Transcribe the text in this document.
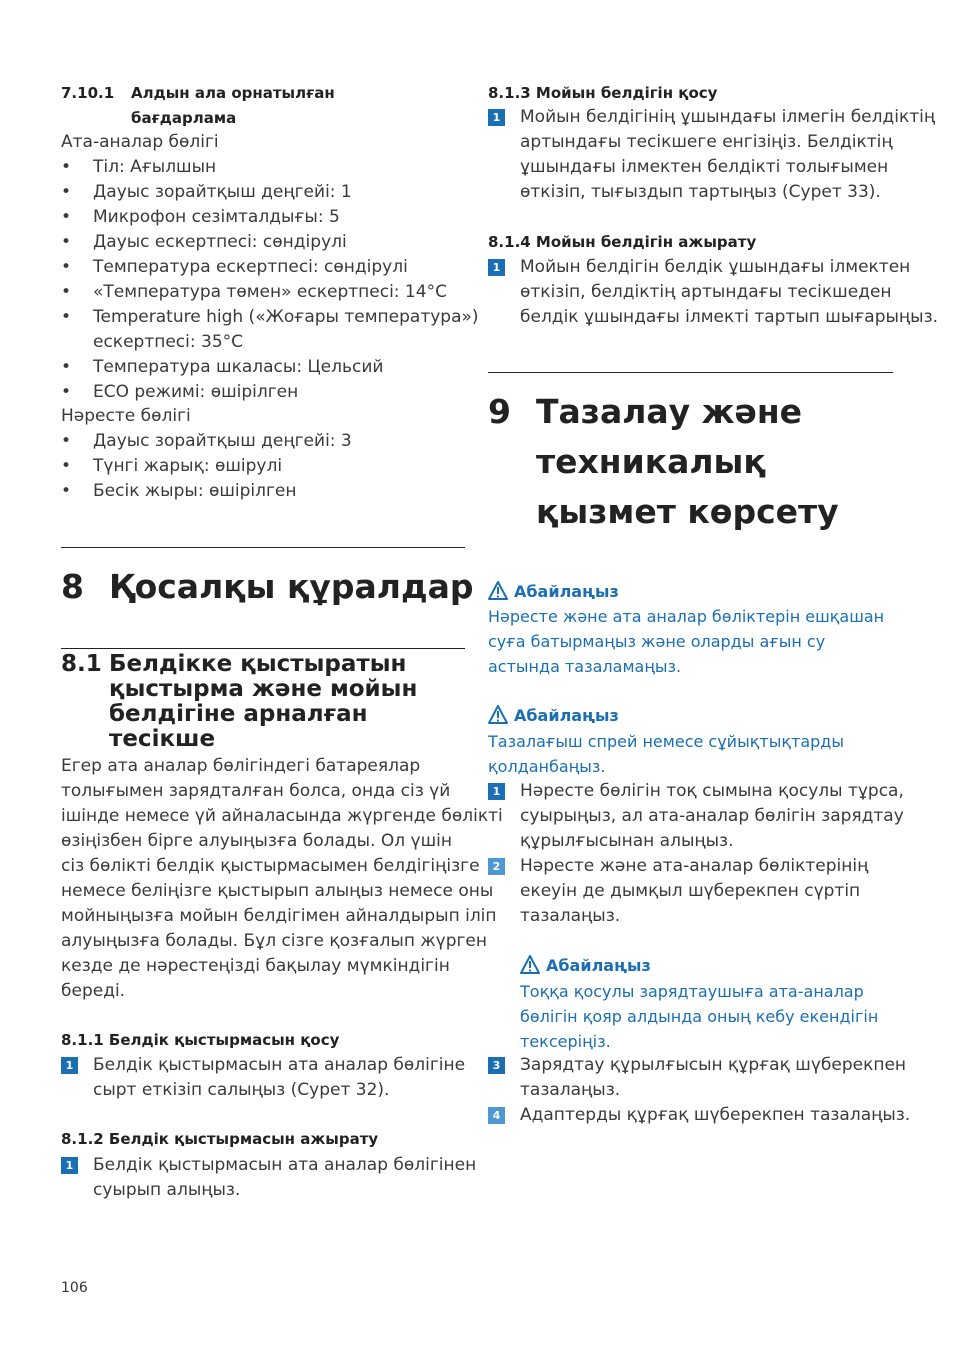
7.10.1 Алдын ала орнатылған
бағдарлама
Ата-аналар бөлігі
• Тіл: Ағылшын
• Дауыс зорайтқыш деңгейі: 1
• Микрофон сезімталдығы: 5
• Дауыс ескертпесі: сөндірулі
• Температура ескертпесі: сөндірулі
• «Температура төмен» ескертпесі: 14°C
• Temperature high («Жоғары температура»)
ескертпесі: 35°C
• Температура шкаласы: Цельсий
• ECO режимі: өшірілген
Нәресте бөлігі
• Дауыс зорайтқыш деңгейі: 3
• Түнгі жарық: өшірулі
• Бесік жыры: өшірілген
8 Қосалқы құралдар
8.1 Белдікке қыстыратын
қыстырма және мойын
белдігіне арналған
тесікше
Егер ата аналар бөлігіндегі батареялар
толығымен зарядталған болса, онда сіз үй
ішінде немесе үй айналасында жүргенде бөлікті
өзіңізбен бірге алуыңызға болады. Ол үшін
сіз бөлікті белдік қыстырмасымен белдігіңізге
немесе беліңізге қыстырып алыңыз немесе оны
мойныңызға мойын белдігімен айналдырып іліп
алуыңызға болады. Бұл сізге қозғалып жүрген
кезде де нәрестеңізді бақылау мүмкіндігін
береді.
8.1.1 Белдік қыстырмасын қосу
1 Белдік қыстырмасын ата аналар бөлігіне
сырт еткізіп салыңыз (Сурет 32).
8.1.2 Белдік қыстырмасын ажырату
1 Белдік қыстырмасын ата аналар бөлігінен
суырып алыңыз.
106
8.1.3 Мойын белдігін қосу
1 Мойын белдігінің ұшындағы ілмегін белдіктің
артындағы тесікшеге енгізіңіз. Белдіктің
ұшындағы ілмектен белдікті толығымен
өткізіп, тығыздып тартыңыз (Сурет 33).
8.1.4 Мойын белдігін ажырату
1 Мойын белдігін белдік ұшындағы ілмектен
өткізіп, белдіктің артындағы тесікшеден
белдік ұшындағы ілмекті тартып шығарыңыз.
9 Тазалау және
техникалық
қызмет көрсету
Абайлаңыз
Нәресте және ата аналар бөліктерін ешқашан
суға батырмаңыз және оларды ағын су
астында тазаламаңыз.
Абайлаңыз
Тазалағыш спрей немесе сұйықтықтарды
қолданбаңыз.
1 Нәресте бөлігін тоқ сымына қосулы тұрса,
суырыңыз, ал ата-аналар бөлігін зарядтау
құрылғысынан алыңыз.
2 Нәресте және ата-аналар бөліктерінің
екеуін де дымқыл шүберекпен сүртіп
тазалаңыз.
Абайлаңыз
Тоққа қосулы зарядтаушыға ата-аналар
бөлігін қояр алдында оның кебу екендігін
тексеріңіз.
3 Зарядтау құрылғысын құрғақ шүберекпен
тазалаңыз.
4 Адаптерды құрғақ шүберекпен тазалаңыз.
